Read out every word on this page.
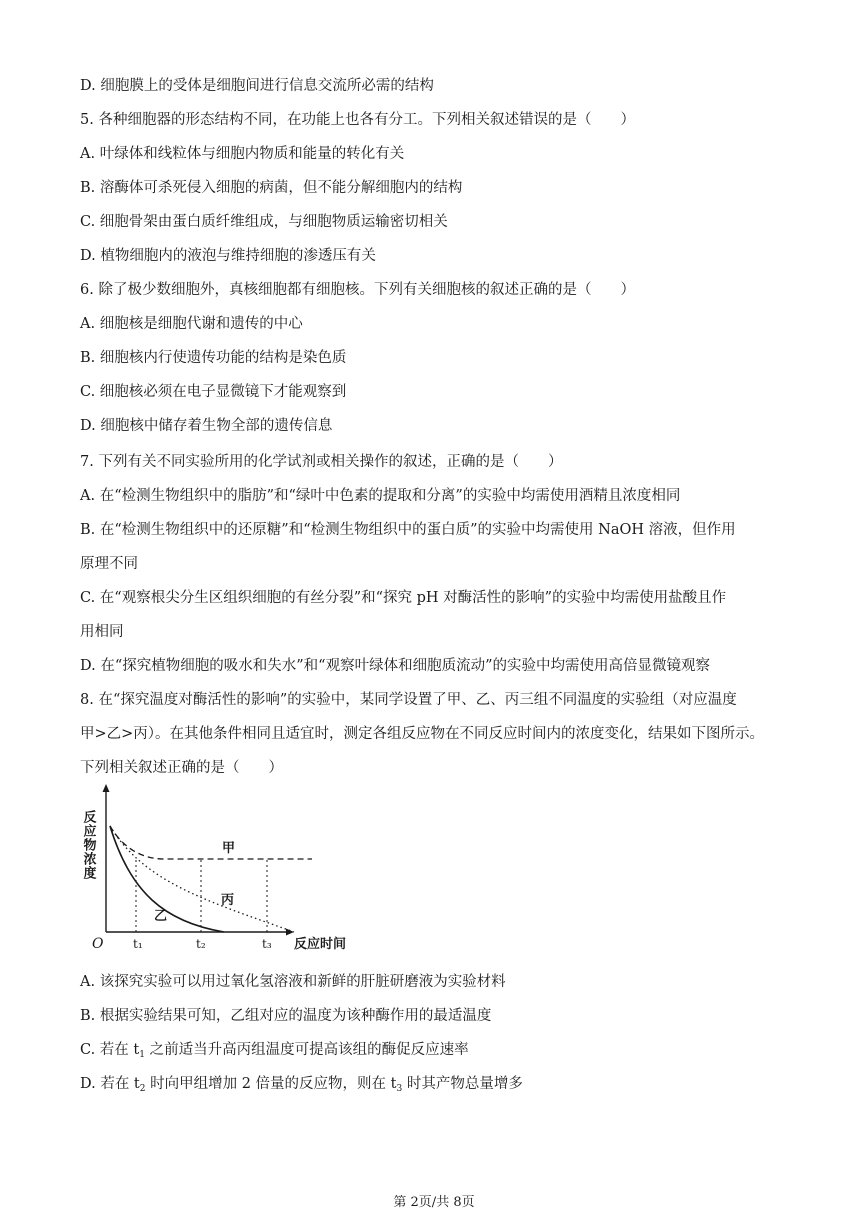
D. 细胞膜上的受体是细胞间进行信息交流所必需的结构
5. 各种细胞器的形态结构不同，在功能上也各有分工。下列相关叙述错误的是（　　）
A. 叶绿体和线粒体与细胞内物质和能量的转化有关
B. 溶酶体可杀死侵入细胞的病菌，但不能分解细胞内的结构
C. 细胞骨架由蛋白质纤维组成，与细胞物质运输密切相关
D. 植物细胞内的液泡与维持细胞的渗透压有关
6. 除了极少数细胞外，真核细胞都有细胞核。下列有关细胞核的叙述正确的是（　　）
A. 细胞核是细胞代谢和遗传的中心
B. 细胞核内行使遗传功能的结构是染色质
C. 细胞核必须在电子显微镜下才能观察到
D. 细胞核中储存着生物全部的遗传信息
7. 下列有关不同实验所用的化学试剂或相关操作的叙述，正确的是（　　）
A. 在“检测生物组织中的脂肪”和“绿叶中色素的提取和分离”的实验中均需使用酒精且浓度相同
B. 在“检测生物组织中的还原糖”和“检测生物组织中的蛋白质”的实验中均需使用 NaOH 溶液，但作用
原理不同
C. 在“观察根尖分生区组织细胞的有丝分裂”和“探究 pH 对酶活性的影响”的实验中均需使用盐酸且作
用相同
D. 在“探究植物细胞的吸水和失水”和“观察叶绿体和细胞质流动”的实验中均需使用高倍显微镜观察
8. 在“探究温度对酶活性的影响”的实验中，某同学设置了甲、乙、丙三组不同温度的实验组（对应温度
甲>乙>丙）。在其他条件相同且适宜时，测定各组反应物在不同反应时间内的浓度变化，结果如下图所示。
下列相关叙述正确的是（　　）
反应物浓度
O
甲
丙
乙
t₁	t₂	t₃ 反应时间
A. 该探究实验可以用过氧化氢溶液和新鲜的肝脏研磨液为实验材料
B. 根据实验结果可知，乙组对应的温度为该种酶作用的最适温度
C. 若在 $t_1$ 之前适当升高丙组温度可提高该组的酶促反应速率
D. 若在 $t_2$ 时向甲组增加 2 倍量的反应物，则在 $t_3$ 时其产物总量增多
第 2页/共 8页
